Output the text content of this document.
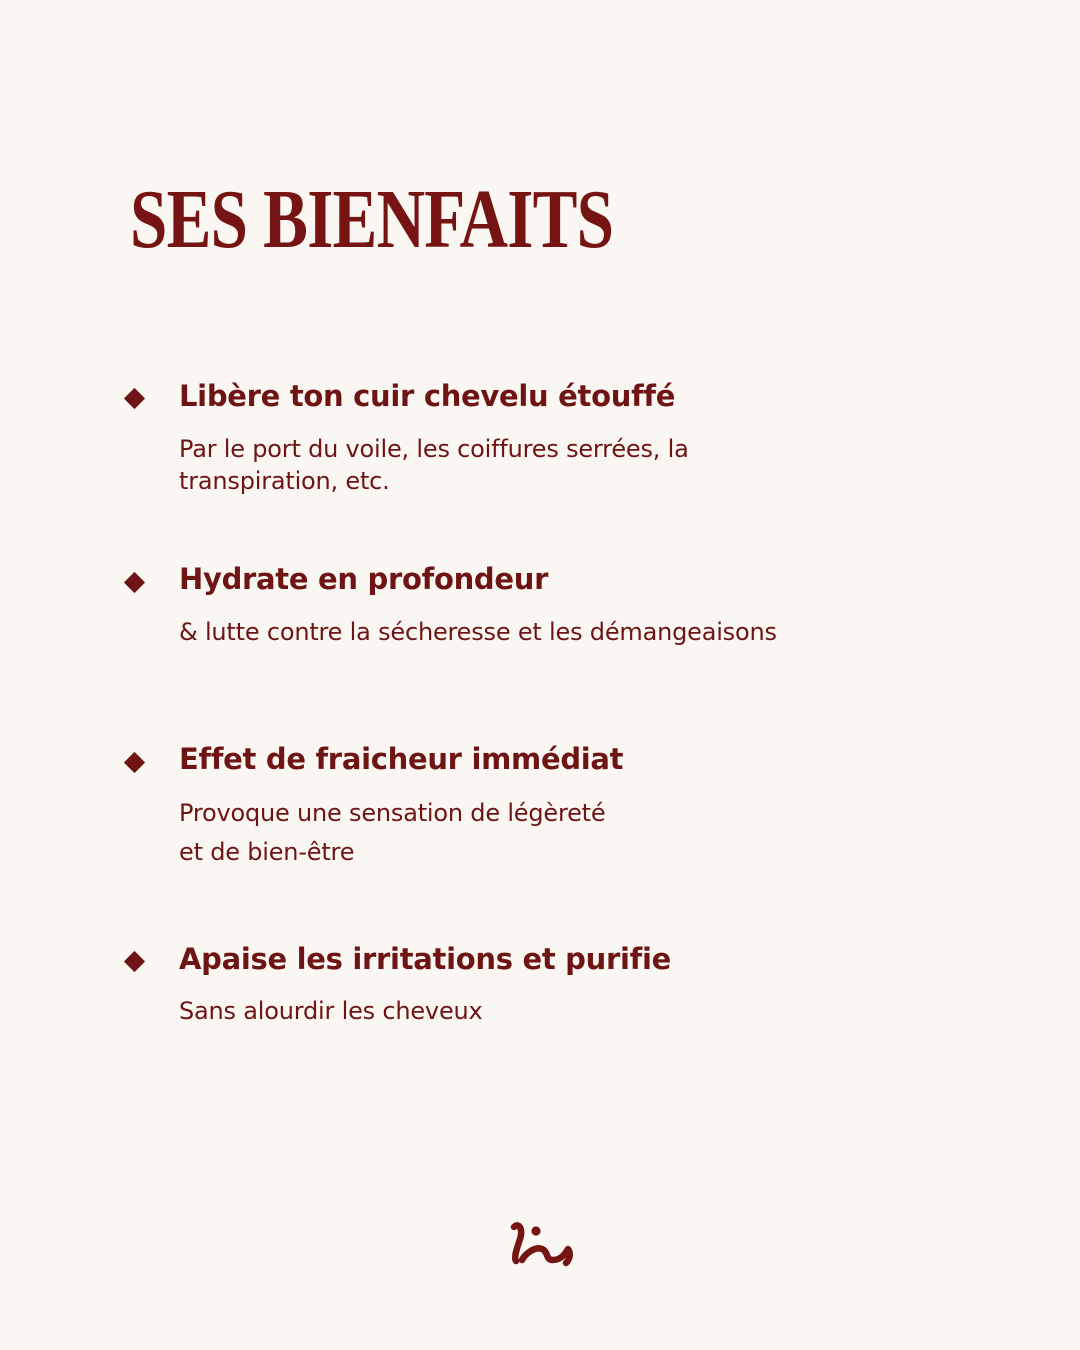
SES BIENFAITS

Libère ton cuir chevelu étouffé

Par le port du voile, les coiffures serrées, la
transpiration, etc.

Hydrate en profondeur

& lutte contre la sécheresse et les démangeaisons

Effet de fraicheur immédiat

Provoque une sensation de légèreté
et de bien-être

Apaise les irritations et purifie

Sans alourdir les cheveux
